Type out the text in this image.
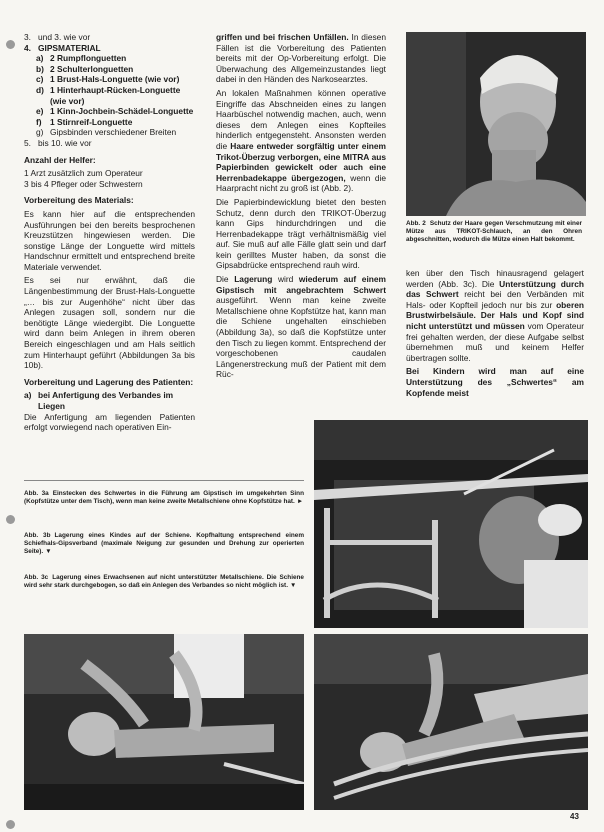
3. und 3. wie vor
4. GIPSMATERIAL
a) 2 Rumpflonguetten
b) 2 Schulterlonguetten
c) 1 Brust-Hals-Longuette (wie vor)
d) 1 Hinterhaupt-Rücken-Longuette (wie vor)
e) 1 Kinn-Jochbein-Schädel-Longuette
f) 1 Stirnreif-Longuette
g) Gipsbinden verschiedener Breiten
5. bis 10. wie vor

Anzahl der Helfer:

1 Arzt zusätzlich zum Operateur

3 bis 4 Pfleger oder Schwestern

Vorbereitung des Materials:

Es kann hier auf die entsprechenden Ausführungen bei den bereits besprochenen Kreuzstützen hingewiesen werden. Die sonstige Länge der Longuette wird mittels Handschnur ermittelt und entsprechend breite Materiale verwendet.

Es sei nur erwähnt, daß die Längenbestimmung der Brust-Hals-Longuette „… bis zur Augenhöhe“ nicht über das Anlegen zusagen soll, sondern nur die benötigte Länge wiedergibt. Die Longuette wird dann beim Anlegen in ihrem oberen Bereich eingeschlagen und am Hals seitlich zum Hinterhaupt geführt (Abbildungen 3a bis 10b).

Vorbereitung und Lagerung des Patienten:

a) bei Anfertigung des Verbandes im Liegen

Die Anfertigung am liegenden Patienten erfolgt vorwiegend nach operativen Ein-

griffen und bei frischen Unfällen. In diesen Fällen ist die Vorbereitung des Patienten bereits mit der Op-Vorbereitung erfolgt. Die Überwachung des Allgemeinzustandes liegt dabei in den Händen des Narkosearztes.

An lokalen Maßnahmen können operative Eingriffe das Abschneiden eines zu langen Haarbüschel notwendig machen, auch, wenn dieses dem Anlegen eines Kopfteiles hinderlich entgegensteht. Ansonsten werden die Haare entweder sorgfältig unter einem Trikot-Überzug verborgen, eine MITRA aus Papierbinden gewickelt oder auch eine Herrenbadekappe übergezogen, wenn die Haarpracht nicht zu groß ist (Abb. 2).

Die Papierbindewicklung bietet den besten Schutz, denn durch den TRIKOT-Überzug kann Gips hindurchdringen und die Herrenbadekappe trägt verhältnismäßig viel auf. Sie muß auf alle Fälle glatt sein und darf kein gerilltes Muster haben, da sonst die Gipsabdrücke entsprechend rauh wird.

Die Lagerung wird wiederum auf einem Gipstisch mit angebrachtem Schwert ausgeführt. Wenn man keine zweite Metallschiene ohne Kopfstütze hat, kann man die Schiene ungehalten einschieben (Abbildung 3a), so daß die Kopfstütze unter den Tisch zu liegen kommt. Entsprechend der vorgeschobenen caudalen Längenerstreckung muß der Patient mit dem Rüc-

Abb. 2 Schutz der Haare gegen Verschmutzung mit einer Mütze aus TRIKOT-Schlauch, an den Ohren abgeschnitten, wodurch die Mütze einen Halt bekommt.

ken über den Tisch hinausragend gelagert werden (Abb. 3c). Die Unterstützung durch das Schwert reicht bei den Verbänden mit Hals- oder Kopfteil jedoch nur bis zur oberen Brustwirbelsäule. Der Hals und Kopf sind nicht unterstützt und müssen vom Operateur frei gehalten werden, der diese Aufgabe selbst übernehmen muß und keinem Helfer übertragen sollte.

Bei Kindern wird man auf eine Unterstützung des „Schwertes“ am Kopfende meist

Abb. 3a Einstecken des Schwertes in die Führung am Gipstisch im umgekehrten Sinn (Kopfstütze unter dem Tisch), wenn man keine zweite Metallschiene ohne Kopfstütze hat. ►
Abb. 3b Lagerung eines Kindes auf der Schiene. Kopfhaltung entsprechend einem Schiefhals-Gipsverband (maximale Neigung zur gesunden und Drehung zur operierten Seite). ▼
Abb. 3c Lagerung eines Erwachsenen auf nicht unterstützter Metallschiene. Die Schiene wird sehr stark durchgebogen, so daß ein Anlegen des Verbandes so nicht möglich ist. ▼
43
